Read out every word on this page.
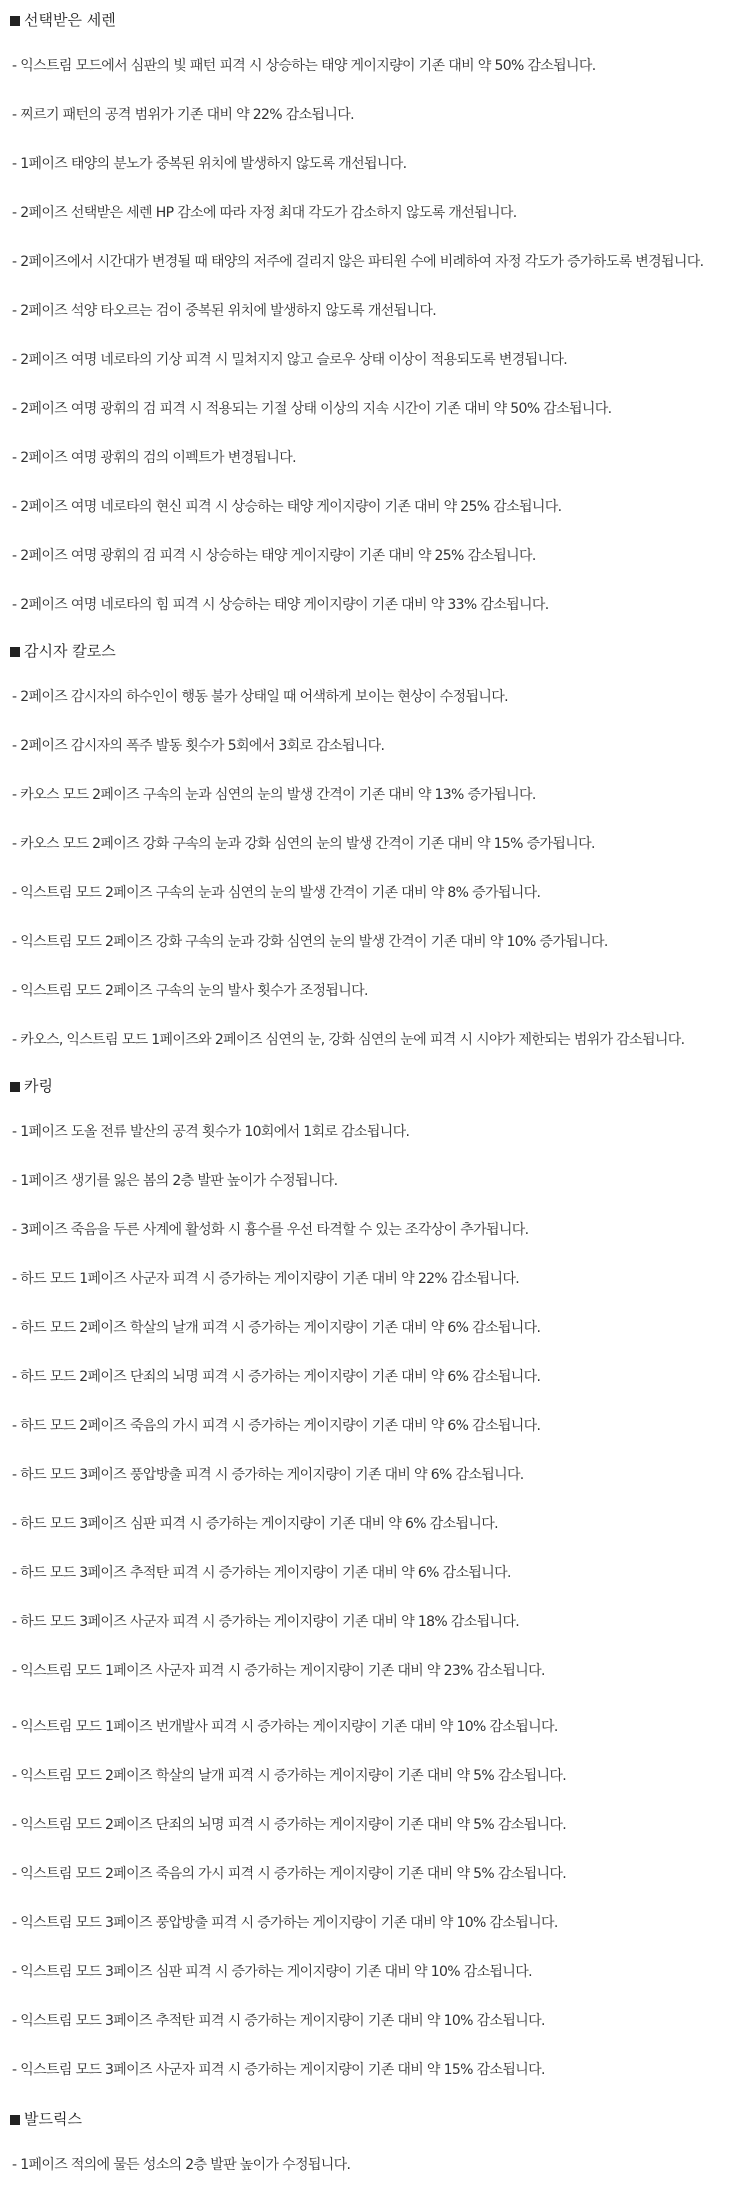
선택받은 세렌
- 익스트림 모드에서 심판의 빛 패턴 피격 시 상승하는 태양 게이지량이 기존 대비 약 50% 감소됩니다.
- 찌르기 패턴의 공격 범위가 기존 대비 약 22% 감소됩니다.
- 1페이즈 태양의 분노가 중복된 위치에 발생하지 않도록 개선됩니다.
- 2페이즈 선택받은 세렌 HP 감소에 따라 자정 최대 각도가 감소하지 않도록 개선됩니다.
- 2페이즈에서 시간대가 변경될 때 태양의 저주에 걸리지 않은 파티원 수에 비례하여 자정 각도가 증가하도록 변경됩니다.
- 2페이즈 석양 타오르는 검이 중복된 위치에 발생하지 않도록 개선됩니다.
- 2페이즈 여명 네로타의 기상 피격 시 밀쳐지지 않고 슬로우 상태 이상이 적용되도록 변경됩니다.
- 2페이즈 여명 광휘의 검 피격 시 적용되는 기절 상태 이상의 지속 시간이 기존 대비 약 50% 감소됩니다.
- 2페이즈 여명 광휘의 검의 이펙트가 변경됩니다.
- 2페이즈 여명 네로타의 현신 피격 시 상승하는 태양 게이지량이 기존 대비 약 25% 감소됩니다.
- 2페이즈 여명 광휘의 검 피격 시 상승하는 태양 게이지량이 기존 대비 약 25% 감소됩니다.
- 2페이즈 여명 네로타의 힘 피격 시 상승하는 태양 게이지량이 기존 대비 약 33% 감소됩니다.
감시자 칼로스
- 2페이즈 감시자의 하수인이 행동 불가 상태일 때 어색하게 보이는 현상이 수정됩니다.
- 2페이즈 감시자의 폭주 발동 횟수가 5회에서 3회로 감소됩니다.
- 카오스 모드 2페이즈 구속의 눈과 심연의 눈의 발생 간격이 기존 대비 약 13% 증가됩니다.
- 카오스 모드 2페이즈 강화 구속의 눈과 강화 심연의 눈의 발생 간격이 기존 대비 약 15% 증가됩니다.
- 익스트림 모드 2페이즈 구속의 눈과 심연의 눈의 발생 간격이 기존 대비 약 8% 증가됩니다.
- 익스트림 모드 2페이즈 강화 구속의 눈과 강화 심연의 눈의 발생 간격이 기존 대비 약 10% 증가됩니다.
- 익스트림 모드 2페이즈 구속의 눈의 발사 횟수가 조정됩니다.
- 카오스, 익스트림 모드 1페이즈와 2페이즈 심연의 눈, 강화 심연의 눈에 피격 시 시야가 제한되는 범위가 감소됩니다.
카링
- 1페이즈 도올 전류 발산의 공격 횟수가 10회에서 1회로 감소됩니다.
- 1페이즈 생기를 잃은 봄의 2층 발판 높이가 수정됩니다.
- 3페이즈 죽음을 두른 사계에 활성화 시 흉수를 우선 타격할 수 있는 조각상이 추가됩니다.
- 하드 모드 1페이즈 사군자 피격 시 증가하는 게이지량이 기존 대비 약 22% 감소됩니다.
- 하드 모드 2페이즈 학살의 날개 피격 시 증가하는 게이지량이 기존 대비 약 6% 감소됩니다.
- 하드 모드 2페이즈 단죄의 뇌명 피격 시 증가하는 게이지량이 기존 대비 약 6% 감소됩니다.
- 하드 모드 2페이즈 죽음의 가시 피격 시 증가하는 게이지량이 기존 대비 약 6% 감소됩니다.
- 하드 모드 3페이즈 풍압방출 피격 시 증가하는 게이지량이 기존 대비 약 6% 감소됩니다.
- 하드 모드 3페이즈 심판 피격 시 증가하는 게이지량이 기존 대비 약 6% 감소됩니다.
- 하드 모드 3페이즈 추적탄 피격 시 증가하는 게이지량이 기존 대비 약 6% 감소됩니다.
- 하드 모드 3페이즈 사군자 피격 시 증가하는 게이지량이 기존 대비 약 18% 감소됩니다.
- 익스트림 모드 1페이즈 사군자 피격 시 증가하는 게이지량이 기존 대비 약 23% 감소됩니다.
- 익스트림 모드 1페이즈 번개발사 피격 시 증가하는 게이지량이 기존 대비 약 10% 감소됩니다.
- 익스트림 모드 2페이즈 학살의 날개 피격 시 증가하는 게이지량이 기존 대비 약 5% 감소됩니다.
- 익스트림 모드 2페이즈 단죄의 뇌명 피격 시 증가하는 게이지량이 기존 대비 약 5% 감소됩니다.
- 익스트림 모드 2페이즈 죽음의 가시 피격 시 증가하는 게이지량이 기존 대비 약 5% 감소됩니다.
- 익스트림 모드 3페이즈 풍압방출 피격 시 증가하는 게이지량이 기존 대비 약 10% 감소됩니다.
- 익스트림 모드 3페이즈 심판 피격 시 증가하는 게이지량이 기존 대비 약 10% 감소됩니다.
- 익스트림 모드 3페이즈 추적탄 피격 시 증가하는 게이지량이 기존 대비 약 10% 감소됩니다.
- 익스트림 모드 3페이즈 사군자 피격 시 증가하는 게이지량이 기존 대비 약 15% 감소됩니다.
발드릭스
- 1페이즈 적의에 물든 성소의 2층 발판 높이가 수정됩니다.
